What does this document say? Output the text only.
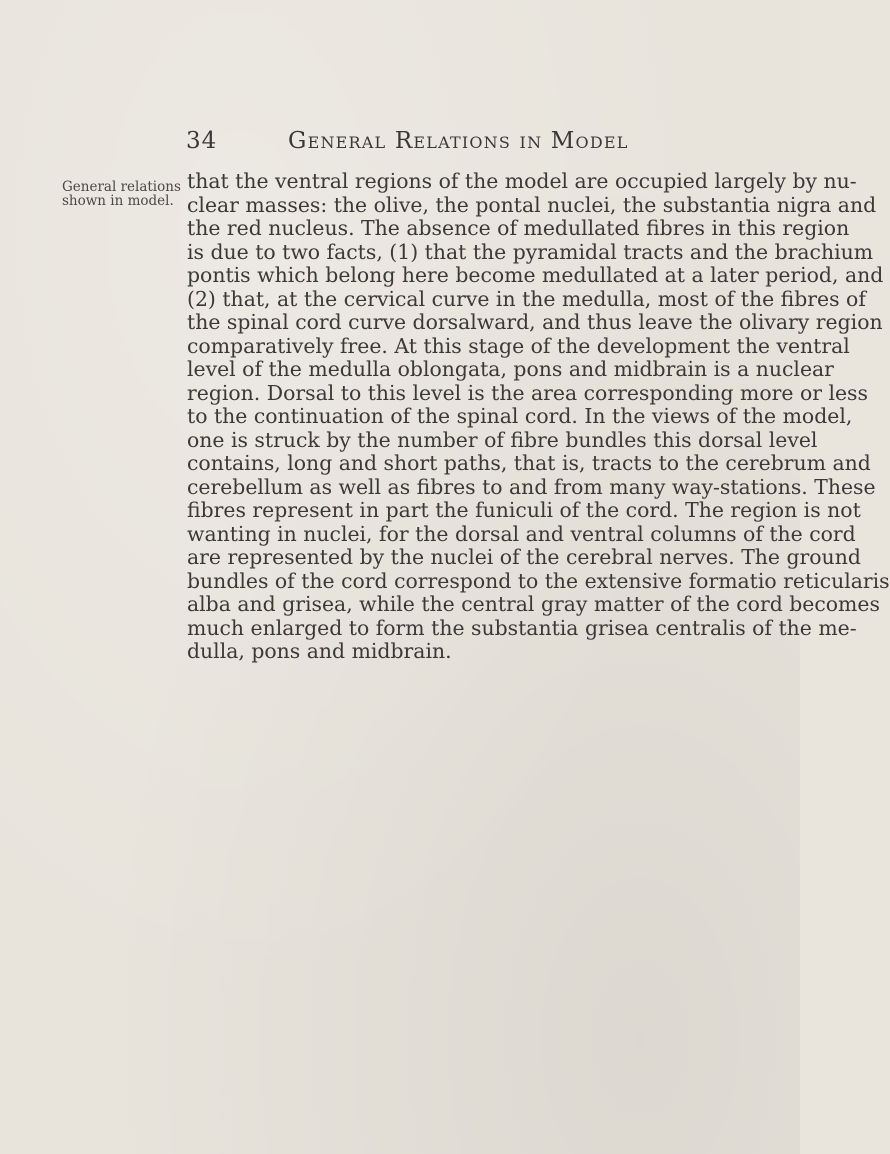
34	General Relations in Model
General relations
shown in model.
that the ventral regions of the model are occupied largely by nu-
clear masses: the olive, the pontal nuclei, the substantia nigra and
the red nucleus. The absence of medullated fibres in this region
is due to two facts, (1) that the pyramidal tracts and the brachium
pontis which belong here become medullated at a later period, and
(2) that, at the cervical curve in the medulla, most of the fibres of
the spinal cord curve dorsalward, and thus leave the olivary region
comparatively free. At this stage of the development the ventral
level of the medulla oblongata, pons and midbrain is a nuclear
region. Dorsal to this level is the area corresponding more or less
to the continuation of the spinal cord. In the views of the model,
one is struck by the number of fibre bundles this dorsal level
contains, long and short paths, that is, tracts to the cerebrum and
cerebellum as well as fibres to and from many way-stations. These
fibres represent in part the funiculi of the cord. The region is not
wanting in nuclei, for the dorsal and ventral columns of the cord
are represented by the nuclei of the cerebral nerves. The ground
bundles of the cord correspond to the extensive formatio reticularis
alba and grisea, while the central gray matter of the cord becomes
much enlarged to form the substantia grisea centralis of the me-
dulla, pons and midbrain.
